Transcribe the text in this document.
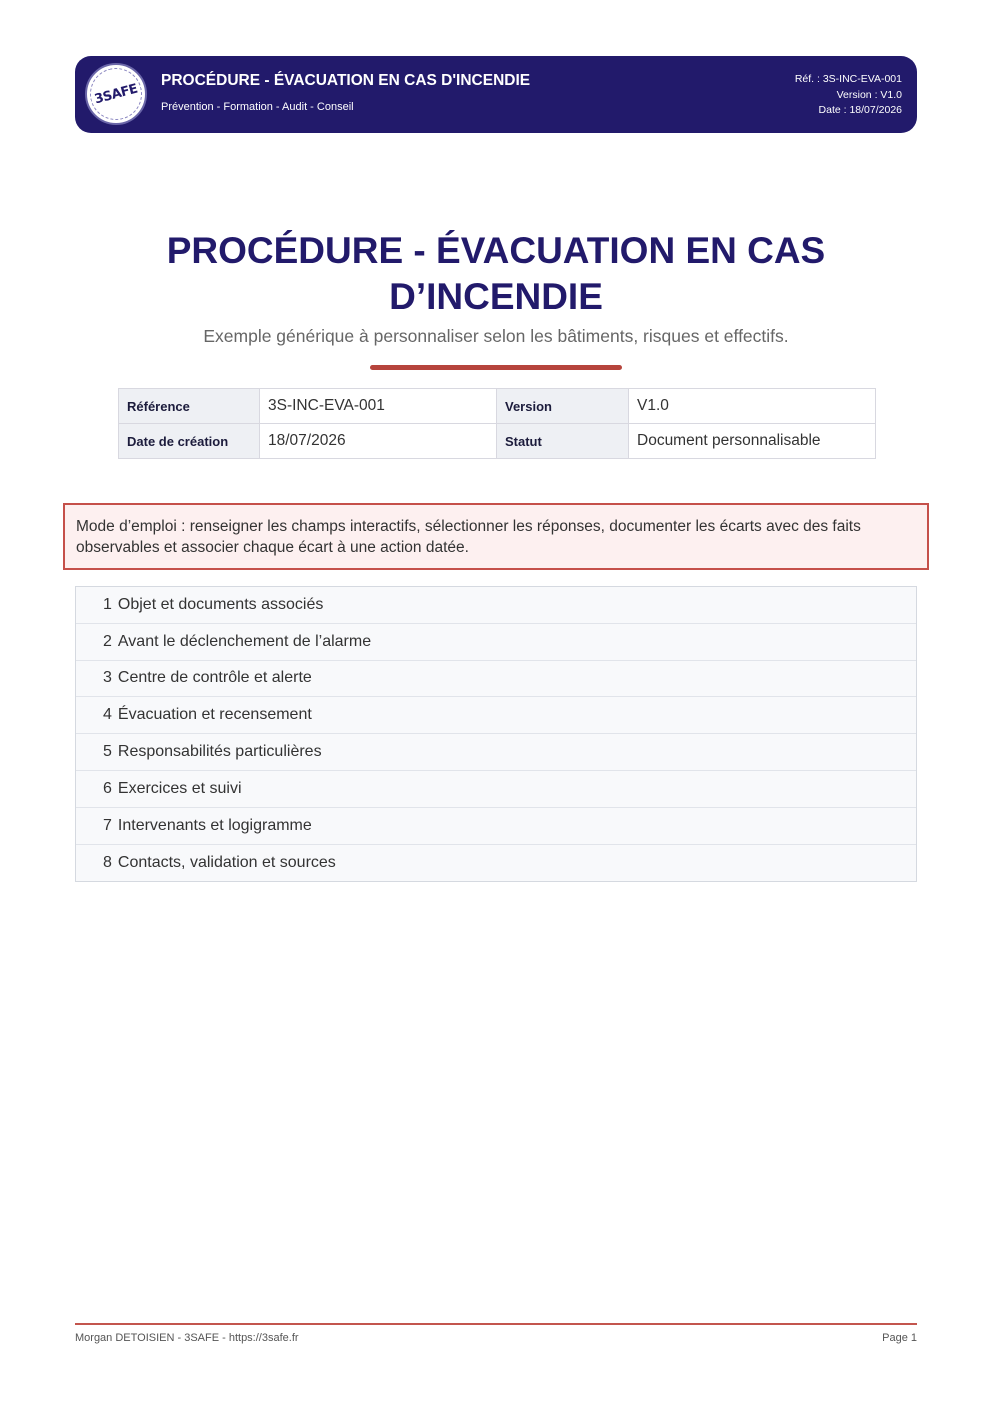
3SAFE
PROCÉDURE - ÉVACUATION EN CAS D'INCENDIE
Prévention - Formation - Audit - Conseil
Réf. : 3S-INC-EVA-001
Version : V1.0
Date : 18/07/2026
PROCÉDURE - ÉVACUATION EN CAS
D’INCENDIE
Exemple générique à personnaliser selon les bâtiments, risques et effectifs.
Référence	3S-INC-EVA-001	Version	V1.0
Date de création	18/07/2026	Statut	Document personnalisable
Mode d’emploi : renseigner les champs interactifs, sélectionner les réponses, documenter les écarts avec des faits observables et associer chaque écart à une action datée.
1 Objet et documents associés
2 Avant le déclenchement de l’alarme
3 Centre de contrôle et alerte
4 Évacuation et recensement
5 Responsabilités particulières
6 Exercices et suivi
7 Intervenants et logigramme
8 Contacts, validation et sources
Morgan DETOISIEN - 3SAFE - https://3safe.fr	Page 1
